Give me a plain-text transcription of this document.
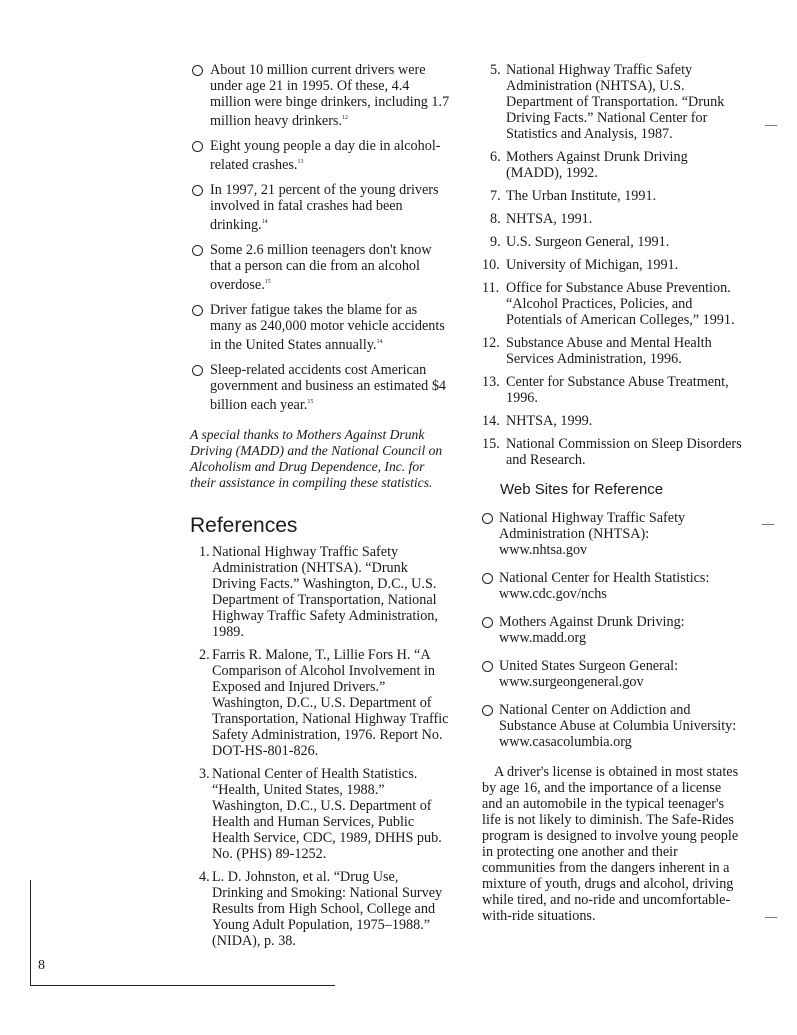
About 10 million current drivers were under age 21 in 1995. Of these, 4.4 million were binge drinkers, including 1.7 million heavy drinkers.$^{12}$
Eight young people a day die in alcohol-related crashes.$^{13}$
In 1997, 21 percent of the young drivers involved in fatal crashes had been drinking.$^{14}$
Some 2.6 million teenagers don't know that a person can die from an alcohol overdose.$^{15}$
Driver fatigue takes the blame for as many as 240,000 motor vehicle accidents in the United States annually.$^{14}$
Sleep-related accidents cost American government and business an estimated $4 billion each year.$^{15}$
A special thanks to Mothers Against Drunk Driving (MADD) and the National Council on Alcoholism and Drug Dependence, Inc. for their assistance in compiling these statistics.
References
1. National Highway Traffic Safety Administration (NHTSA). “Drunk Driving Facts.” Washington, D.C., U.S. Department of Transportation, National Highway Traffic Safety Administration, 1989.
2. Farris R. Malone, T., Lillie Fors H. “A Comparison of Alcohol Involvement in Exposed and Injured Drivers.” Washington, D.C., U.S. Department of Transportation, National Highway Traffic Safety Administration, 1976. Report No. DOT-HS-801-826.
3. National Center of Health Statistics. “Health, United States, 1988.” Washington, D.C., U.S. Department of Health and Human Services, Public Health Service, CDC, 1989, DHHS pub. No. (PHS) 89-1252.
4. L. D. Johnston, et al. “Drug Use, Drinking and Smoking: National Survey Results from High School, College and Young Adult Population, 1975–1988.” (NIDA), p. 38.
5. National Highway Traffic Safety Administration (NHTSA), U.S. Department of Transportation. “Drunk Driving Facts.” National Center for Statistics and Analysis, 1987.
6. Mothers Against Drunk Driving (MADD), 1992.
7. The Urban Institute, 1991.
8. NHTSA, 1991.
9. U.S. Surgeon General, 1991.
10. University of Michigan, 1991.
11. Office for Substance Abuse Prevention. “Alcohol Practices, Policies, and Potentials of American Colleges,” 1991.
12. Substance Abuse and Mental Health Services Administration, 1996.
13. Center for Substance Abuse Treatment, 1996.
14. NHTSA, 1999.
15. National Commission on Sleep Disorders and Research.
Web Sites for Reference
National Highway Traffic Safety Administration (NHTSA):
www.nhtsa.gov
National Center for Health Statistics:
www.cdc.gov/nchs
Mothers Against Drunk Driving:
www.madd.org
United States Surgeon General:
www.surgeongeneral.gov
National Center on Addiction and Substance Abuse at Columbia University:
www.casacolumbia.org

A driver's license is obtained in most states by age 16, and the importance of a license and an automobile in the typical teenager's life is not likely to diminish. The Safe-Rides program is designed to involve young people in protecting one another and their communities from the dangers inherent in a mixture of youth, drugs and alcohol, driving while tired, and no-ride and uncomfortable-with-ride situations.

8
